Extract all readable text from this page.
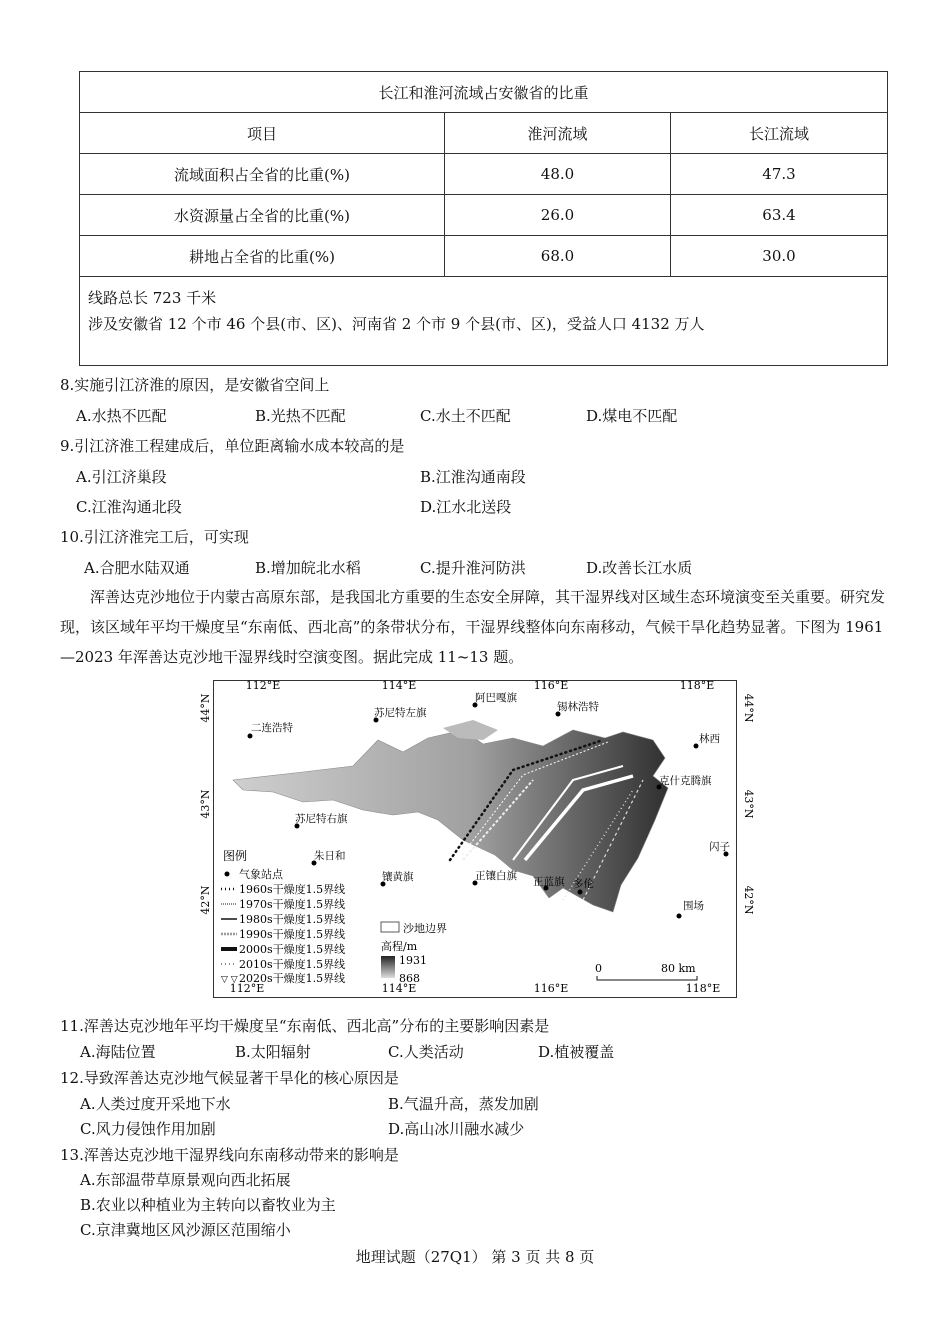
长江和淮河流域占安徽省的比重		
项目	淮河流域	长江流域
流域面积占全省的比重(%)	48.0	47.3
水资源量占全省的比重(%)	26.0	63.4
耕地占全省的比重(%)	68.0	30.0

线路总长 723 千米
涉及安徽省 12 个市 46 个县(市、区)、河南省 2 个市 9 个县(市、区)，受益人口 4132 万人		
8.实施引江济淮的原因，是安徽省空间上
A.水热不匹配	B.光热不匹配	C.水土不匹配	D.煤电不匹配
9.引江济淮工程建成后，单位距离输水成本较高的是
A.引江济巢段	B.江淮沟通南段
C.江淮沟通北段	D.江水北送段
10.引江济淮完工后，可实现
A.合肥水陆双通	B.增加皖北水稻	C.提升淮河防洪	D.改善长江水质
浑善达克沙地位于内蒙古高原东部，是我国北方重要的生态安全屏障，其干湿界线对区域生态环境演变至关重要。研究发现，该区域年平均干燥度呈“东南低、西北高”的条带状分布，干湿界线整体向东南移动，气候干旱化趋势显著。下图为 1961—2023 年浑善达克沙地干湿界线时空演变图。据此完成 11~13 题。
112°E	114°E	116°E	118°E
112°E	114°E	116°E	118°E
44°N
43°N
42°N
44°N
43°N
42°N
二连浩特
苏尼特左旗
阿巴嘎旗
锡林浩特
林西
克什克腾旗
苏尼特右旗
朱日和
镶黄旗	正镶白旗 正蓝旗 多伦
闪子
围场
图例
气象站点
1960s干燥度1.5界线
1970s干燥度1.5界线
1980s干燥度1.5界线
1990s干燥度1.5界线
2000s干燥度1.5界线
2010s干燥度1.5界线
▽ ▽ 2020s干燥度1.5界线
沙地边界
高程/m
1931
868
0	80 km
11.浑善达克沙地年平均干燥度呈“东南低、西北高”分布的主要影响因素是
A.海陆位置	B.太阳辐射	C.人类活动	D.植被覆盖
12.导致浑善达克沙地气候显著干旱化的核心原因是
A.人类过度开采地下水	B.气温升高，蒸发加剧
C.风力侵蚀作用加剧	D.高山冰川融水减少
13.浑善达克沙地干湿界线向东南移动带来的影响是
A.东部温带草原景观向西北拓展
B.农业以种植业为主转向以畜牧业为主
C.京津冀地区风沙源区范围缩小
地理试题（27Q1） 第 3 页 共 8 页
